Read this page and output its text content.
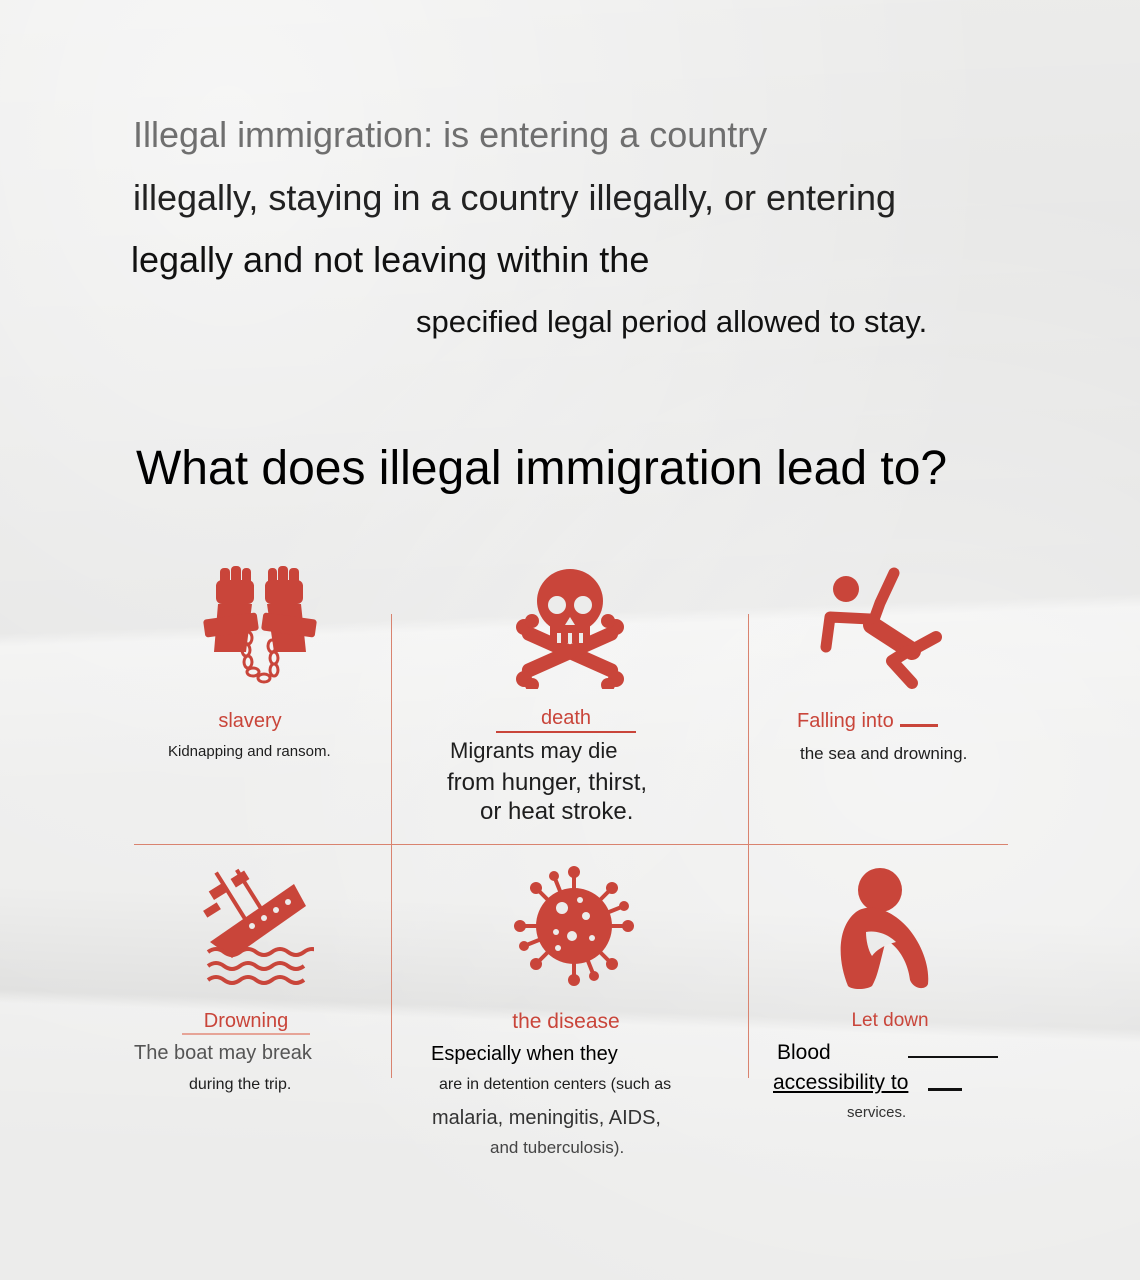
Illegal immigration: is entering a country
illegally, staying in a country illegally, or entering
legally and not leaving within the
specified legal period allowed to stay.
What does illegal immigration lead to?
slavery
Kidnapping and ransom.
death
Migrants may die
from hunger, thirst,
or heat stroke.
Falling into
the sea and drowning.
Drowning
The boat may break
during the trip.
the disease
Especially when they
are in detention centers (such as
malaria, meningitis, AIDS,
and tuberculosis).
Let down
Blood
accessibility to
services.
